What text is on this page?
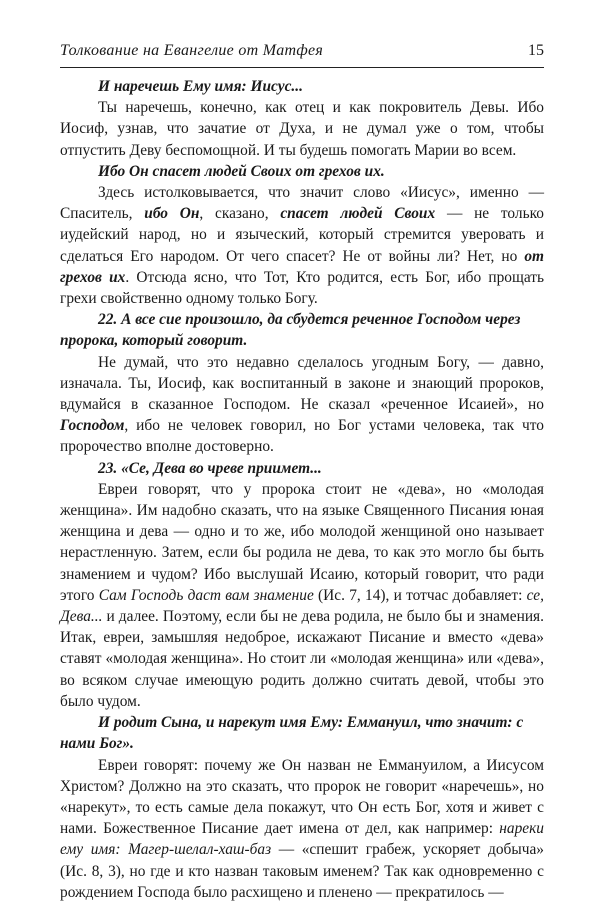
Толкование на Евангелие от Матфея	15

И наречешь Ему имя: Иисус...

Ты наречешь, конечно, как отец и как покровитель Девы. Ибо Иосиф, узнав, что зачатие от Духа, и не думал уже о том, чтобы отпустить Деву беспомощной. И ты будешь помогать Марии во всем.

Ибо Он спасет людей Своих от грехов их.

Здесь истолковывается, что значит слово «Иисус», именно — Спаситель, ибо Он, сказано, спасет людей Своих — не только иудейский народ, но и языческий, который стремится уверовать и сделаться Его народом. От чего спасет? Не от войны ли? Нет, но от грехов их. Отсюда ясно, что Тот, Кто родится, есть Бог, ибо прощать грехи свойственно одному только Богу.

22. А все сие произошло, да сбудется реченное Господом через пророка, который говорит.

Не думай, что это недавно сделалось угодным Богу, — давно, изначала. Ты, Иосиф, как воспитанный в законе и знающий пророков, вдумайся в сказанное Господом. Не сказал «реченное Исаией», но Господом, ибо не человек говорил, но Бог устами человека, так что пророчество вполне достоверно.

23. «Се, Дева во чреве приимет...

Евреи говорят, что у пророка стоит не «дева», но «молодая женщина». Им надобно сказать, что на языке Священного Писания юная женщина и дева — одно и то же, ибо молодой женщиной оно называет нерастленную. Затем, если бы родила не дева, то как это могло бы быть знамением и чудом? Ибо выслушай Исаию, который говорит, что ради этого Сам Господь даст вам знамение (Ис. 7, 14), и тотчас добавляет: се, Дева... и далее. Поэтому, если бы не дева родила, не было бы и знамения. Итак, евреи, замышляя недоброе, искажают Писание и вместо «дева» ставят «молодая женщина». Но стоит ли «молодая женщина» или «дева», во всяком случае имеющую родить должно считать девой, чтобы это было чудом.

И родит Сына, и нарекут имя Ему: Еммануил, что значит: с нами Бог».

Евреи говорят: почему же Он назван не Еммануилом, а Иисусом Христом? Должно на это сказать, что пророк не говорит «наречешь», но «нарекут», то есть самые дела покажут, что Он есть Бог, хотя и живет с нами. Божественное Писание дает имена от дел, как например: нареки ему имя: Магер-шелал-хаш-баз — «спешит грабеж, ускоряет добыча» (Ис. 8, 3), но где и кто назван таковым именем? Так как одновременно с рождением Господа было расхищено и пленено — прекратилось —
